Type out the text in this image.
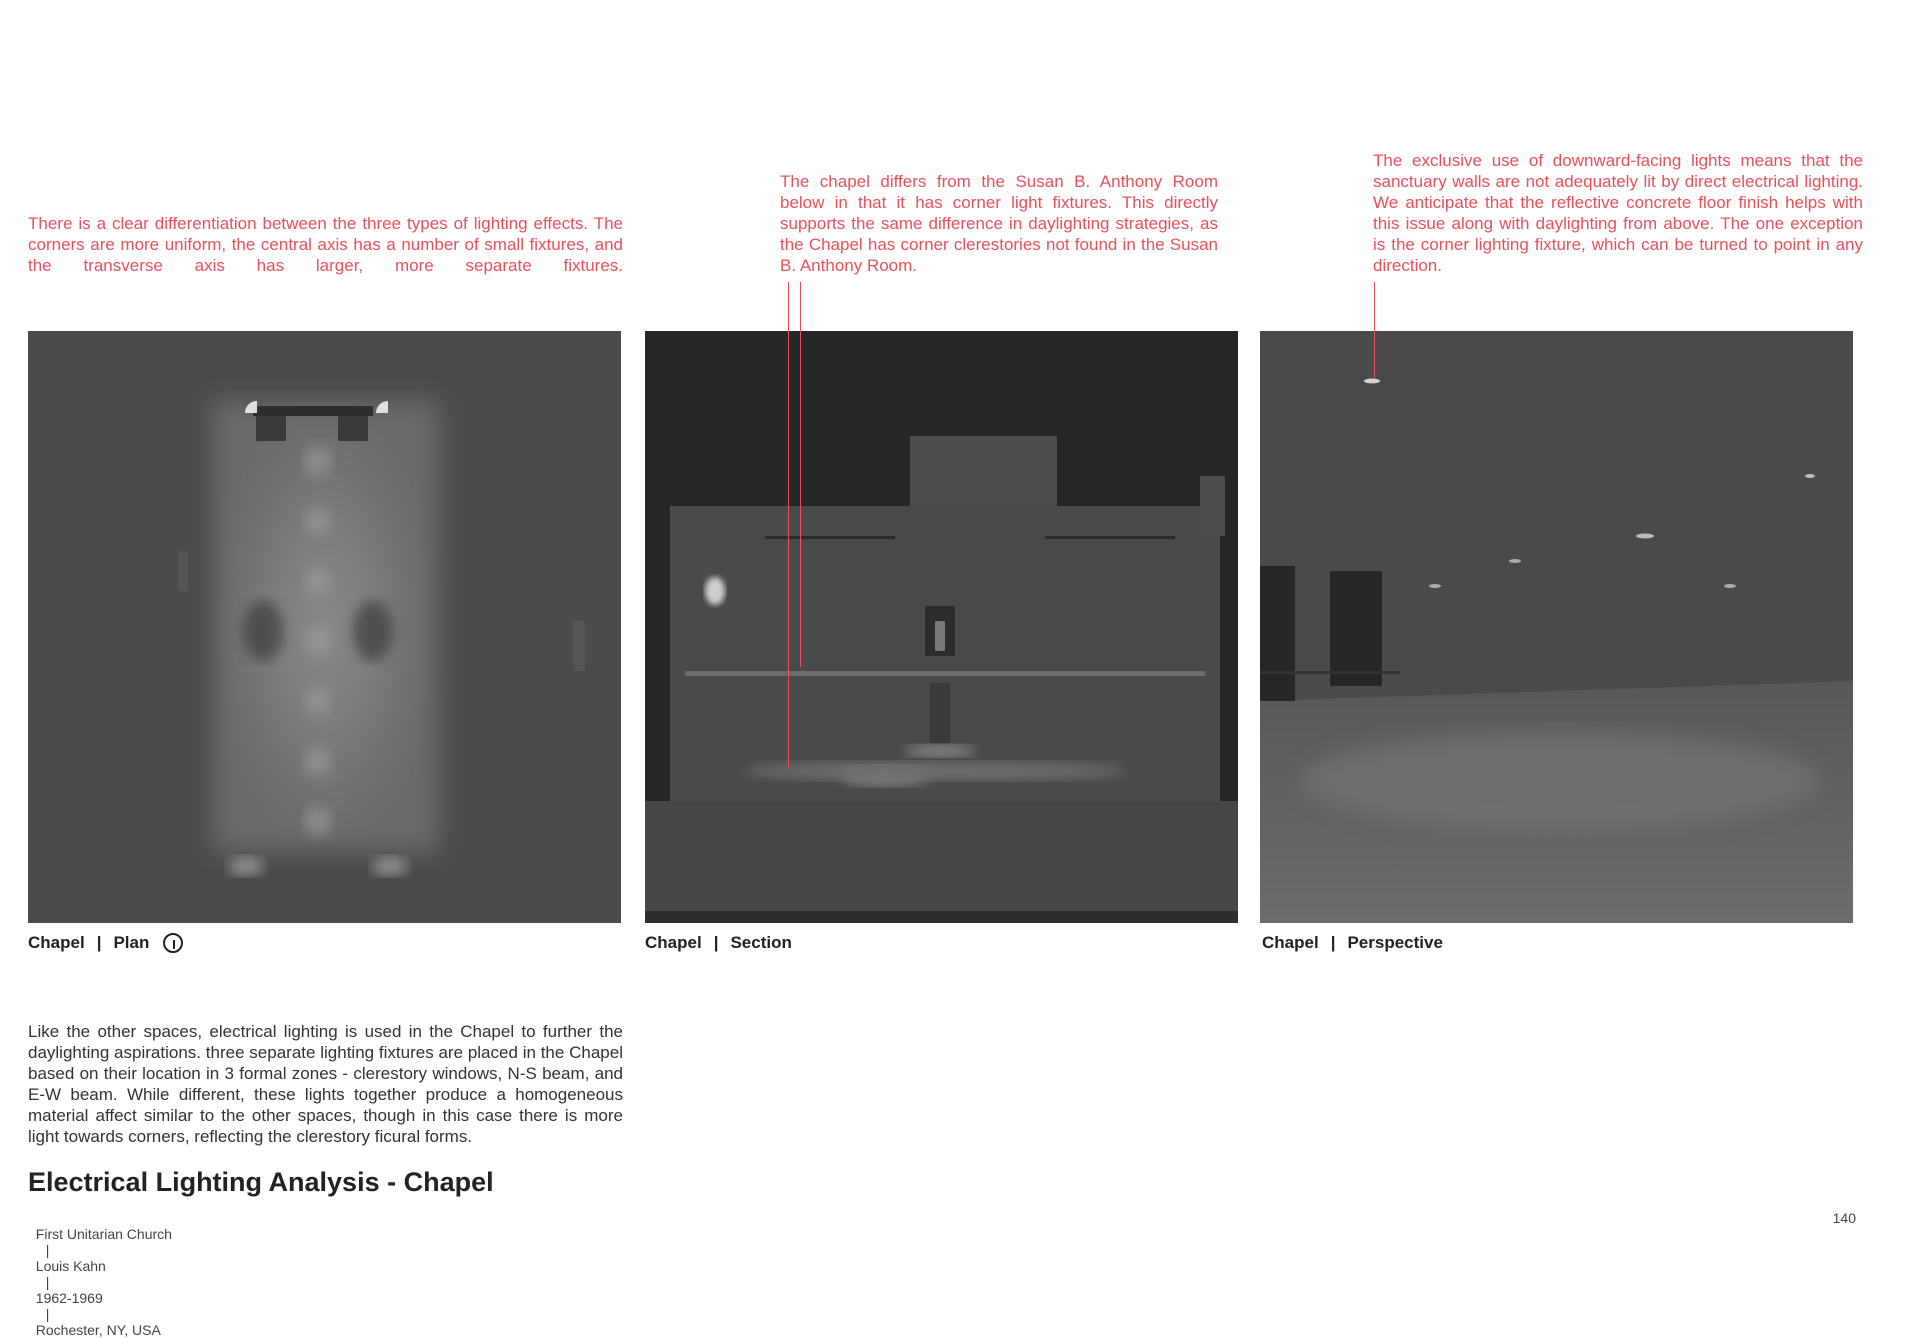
There is a clear differentiation between the three types of lighting effects. The corners are more uniform, the central axis has a number of small fixtures, and the transverse axis has larger, more separate fixtures.

The chapel differs from the Susan B. Anthony Room below in that it has corner light fixtures. This directly supports the same difference in daylighting strategies, as the Chapel has corner clerestories not found in the Susan B. Anthony Room.

The exclusive use of downward-facing lights means that the sanctuary walls are not adequately lit by direct electrical lighting. We anticipate that the reflective concrete floor finish helps with this issue along with daylighting from above. The one exception is the corner lighting fixture, which can be turned to point in any direction.

Chapel | Plan	Chapel | Section	Chapel | Perspective

Like the other spaces, electrical lighting is used in the Chapel to further the daylighting aspirations. three separate lighting fixtures are placed in the Chapel based on their location in 3 formal zones - clerestory windows, N-S beam, and E-W beam. While different, these lights together produce a homogeneous material affect similar to the other spaces, though in this case there is more light towards corners, reflecting the clerestory ficural forms.

Electrical Lighting Analysis - Chapel

First Unitarian Church
|
Louis Kahn
|
1962-1969
|
Rochester, NY, USA

140
